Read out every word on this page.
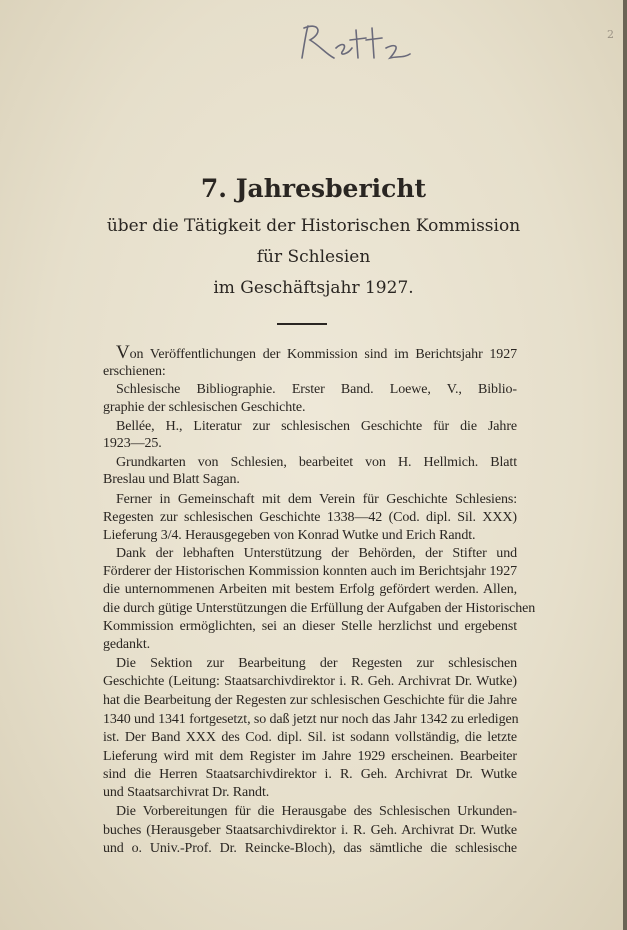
2
7. Jahresbericht
über die Tätigkeit der Historischen Kommission
für Schlesien
im Geschäftsjahr 1927.
Von Veröffentlichungen der Kommission sind im Berichtsjahr 1927
erschienen:
Schlesische Bibliographie. Erster Band. Loewe, V., Biblio-
graphie der schlesischen Geschichte.
Bellée, H., Literatur zur schlesischen Geschichte für die Jahre
1923—25.
Grundkarten von Schlesien, bearbeitet von H. Hellmich. Blatt
Breslau und Blatt Sagan.
Ferner in Gemeinschaft mit dem Verein für Geschichte Schlesiens:
Regesten zur schlesischen Geschichte 1338—42 (Cod. dipl. Sil. XXX)
Lieferung 3/4. Herausgegeben von Konrad Wutke und Erich Randt.
Dank der lebhaften Unterstützung der Behörden, der Stifter und
Förderer der Historischen Kommission konnten auch im Berichtsjahr 1927
die unternommenen Arbeiten mit bestem Erfolg gefördert werden. Allen,
die durch gütige Unterstützungen die Erfüllung der Aufgaben der Historischen
Kommission ermöglichten, sei an dieser Stelle herzlichst und ergebenst
gedankt.
Die Sektion zur Bearbeitung der Regesten zur schlesischen
Geschichte (Leitung: Staatsarchivdirektor i. R. Geh. Archivrat Dr. Wutke)
hat die Bearbeitung der Regesten zur schlesischen Geschichte für die Jahre
1340 und 1341 fortgesetzt, so daß jetzt nur noch das Jahr 1342 zu erledigen
ist. Der Band XXX des Cod. dipl. Sil. ist sodann vollständig, die letzte
Lieferung wird mit dem Register im Jahre 1929 erscheinen. Bearbeiter
sind die Herren Staatsarchivdirektor i. R. Geh. Archivrat Dr. Wutke
und Staatsarchivrat Dr. Randt.
Die Vorbereitungen für die Herausgabe des Schlesischen Urkunden-
buches (Herausgeber Staatsarchivdirektor i. R. Geh. Archivrat Dr. Wutke
und o. Univ.-Prof. Dr. Reincke-Bloch), das sämtliche die schlesische
